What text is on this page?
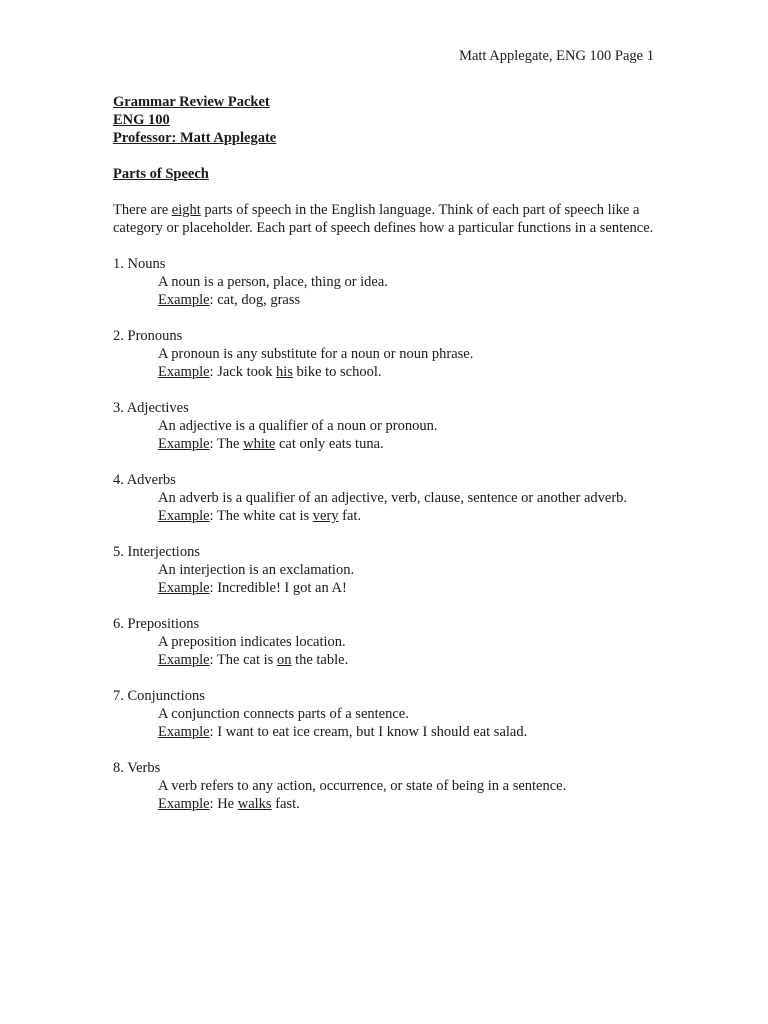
Matt Applegate, ENG 100 Page 1
Grammar Review Packet
ENG 100
Professor: Matt Applegate
Parts of Speech
There are eight parts of speech in the English language. Think of each part of speech like a category or placeholder. Each part of speech defines how a particular functions in a sentence.
1. Nouns
A noun is a person, place, thing or idea.
Example: cat, dog, grass
2. Pronouns
A pronoun is any substitute for a noun or noun phrase.
Example: Jack took his bike to school.
3. Adjectives
An adjective is a qualifier of a noun or pronoun.
Example: The white cat only eats tuna.
4. Adverbs
An adverb is a qualifier of an adjective, verb, clause, sentence or another adverb.
Example: The white cat is very fat.
5. Interjections
An interjection is an exclamation.
Example: Incredible! I got an A!
6. Prepositions
A preposition indicates location.
Example: The cat is on the table.
7. Conjunctions
A conjunction connects parts of a sentence.
Example: I want to eat ice cream, but I know I should eat salad.
8. Verbs
A verb refers to any action, occurrence, or state of being in a sentence.
Example: He walks fast.
